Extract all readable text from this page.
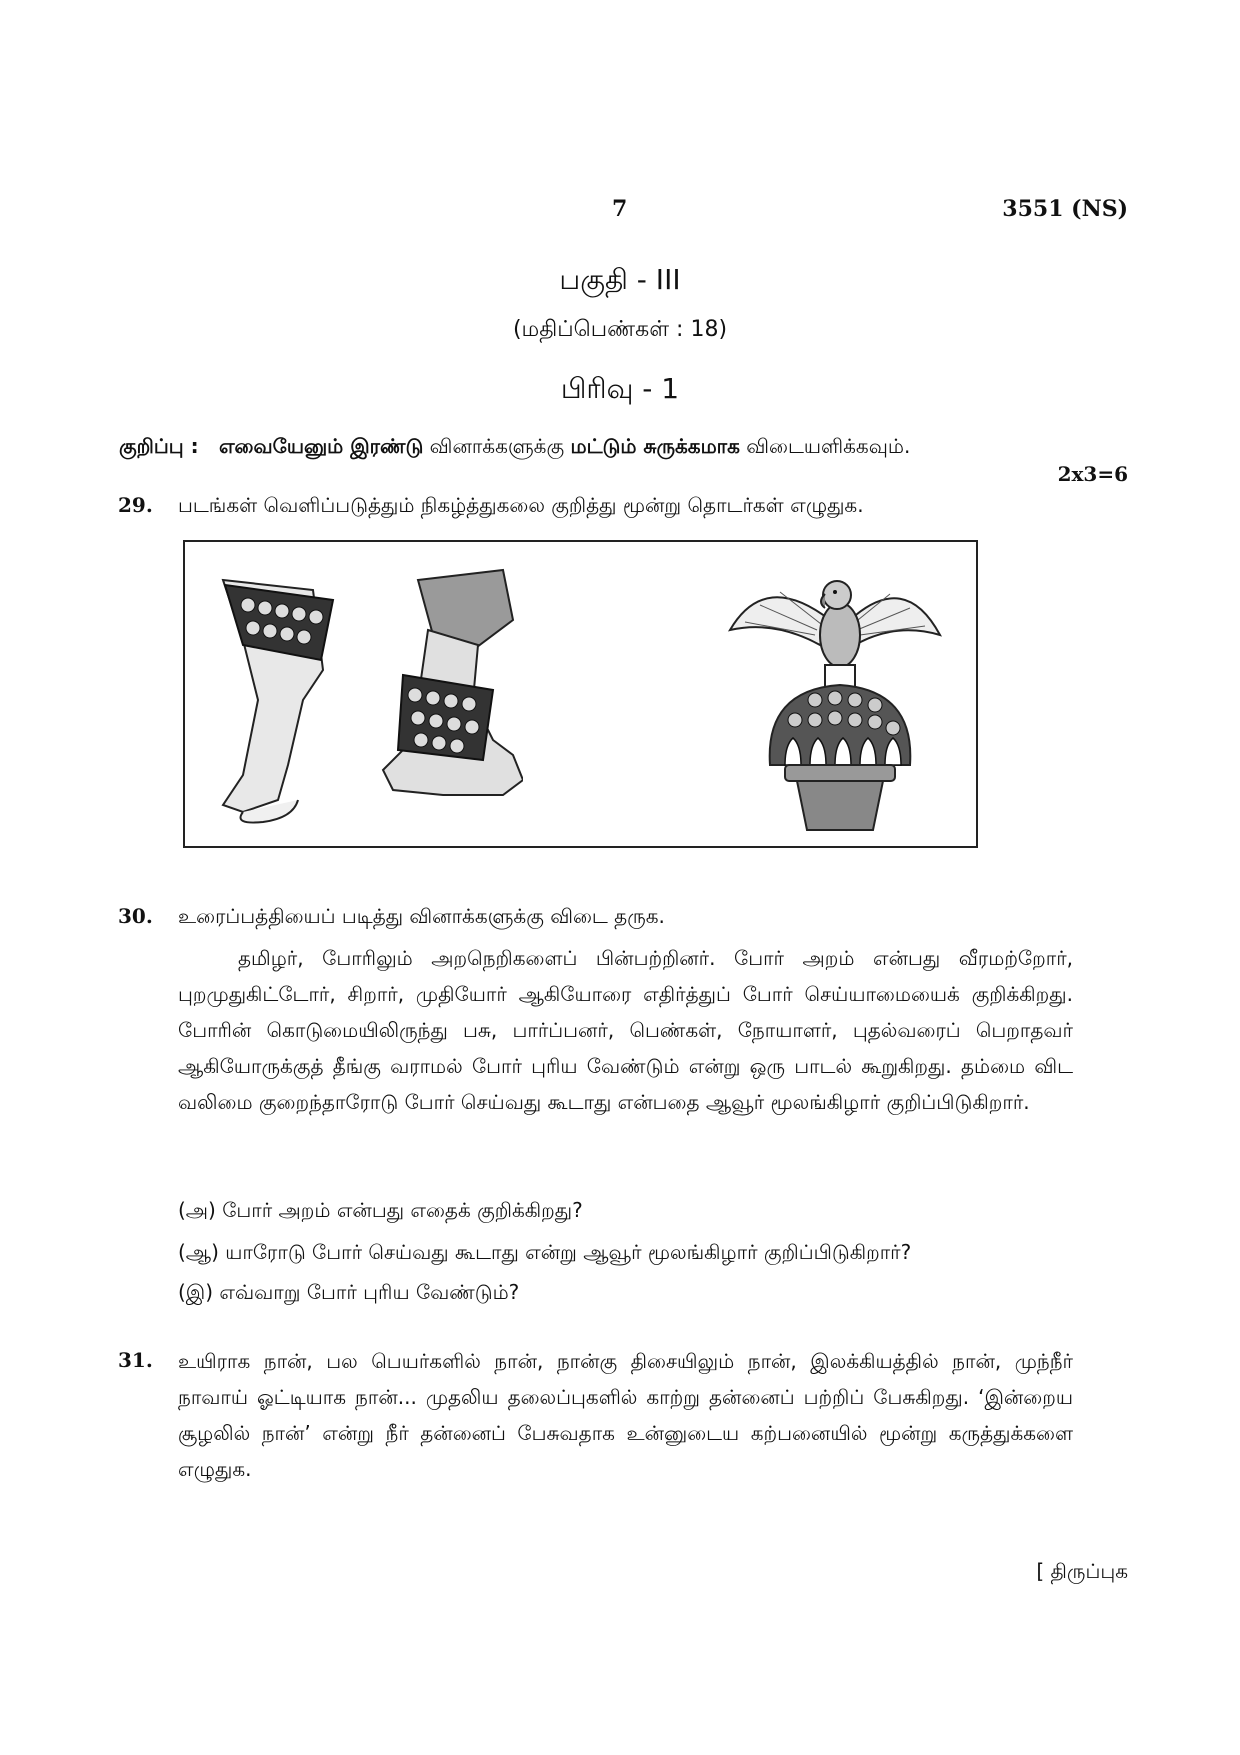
7	3551 (NS)
பகுதி - III
(மதிப்பெண்கள் : 18)
பிரிவு - 1
குறிப்பு : எவையேனும் இரண்டு வினாக்களுக்கு மட்டும் சுருக்கமாக விடையளிக்கவும்.
2x3=6
29. படங்கள் வெளிப்படுத்தும் நிகழ்த்துகலை குறித்து மூன்று தொடர்கள் எழுதுக.
30. உரைப்பத்தியைப் படித்து வினாக்களுக்கு விடை தருக.
தமிழர், போரிலும் அறநெறிகளைப் பின்பற்றினர். போர் அறம் என்பது வீரமற்றோர், புறமுதுகிட்டோர், சிறார், முதியோர் ஆகியோரை எதிர்த்துப் போர் செய்யாமையைக் குறிக்கிறது. போரின் கொடுமையிலிருந்து பசு, பார்ப்பனர், பெண்கள், நோயாளர், புதல்வரைப் பெறாதவர் ஆகியோருக்குத் தீங்கு வராமல் போர் புரிய வேண்டும் என்று ஒரு பாடல் கூறுகிறது. தம்மை விட வலிமை குறைந்தாரோடு போர் செய்வது கூடாது என்பதை ஆவூர் மூலங்கிழார் குறிப்பிடுகிறார்.
(அ) போர் அறம் என்பது எதைக் குறிக்கிறது?
(ஆ) யாரோடு போர் செய்வது கூடாது என்று ஆவூர் மூலங்கிழார் குறிப்பிடுகிறார்?
(இ) எவ்வாறு போர் புரிய வேண்டும்?
31. உயிராக நான், பல பெயர்களில் நான், நான்கு திசையிலும் நான், இலக்கியத்தில் நான், முந்நீர் நாவாய் ஓட்டியாக நான்... முதலிய தலைப்புகளில் காற்று தன்னைப் பற்றிப் பேசுகிறது. ‘இன்றைய சூழலில் நான்’ என்று நீர் தன்னைப் பேசுவதாக உன்னுடைய கற்பனையில் மூன்று கருத்துக்களை எழுதுக.
[ திருப்புக
